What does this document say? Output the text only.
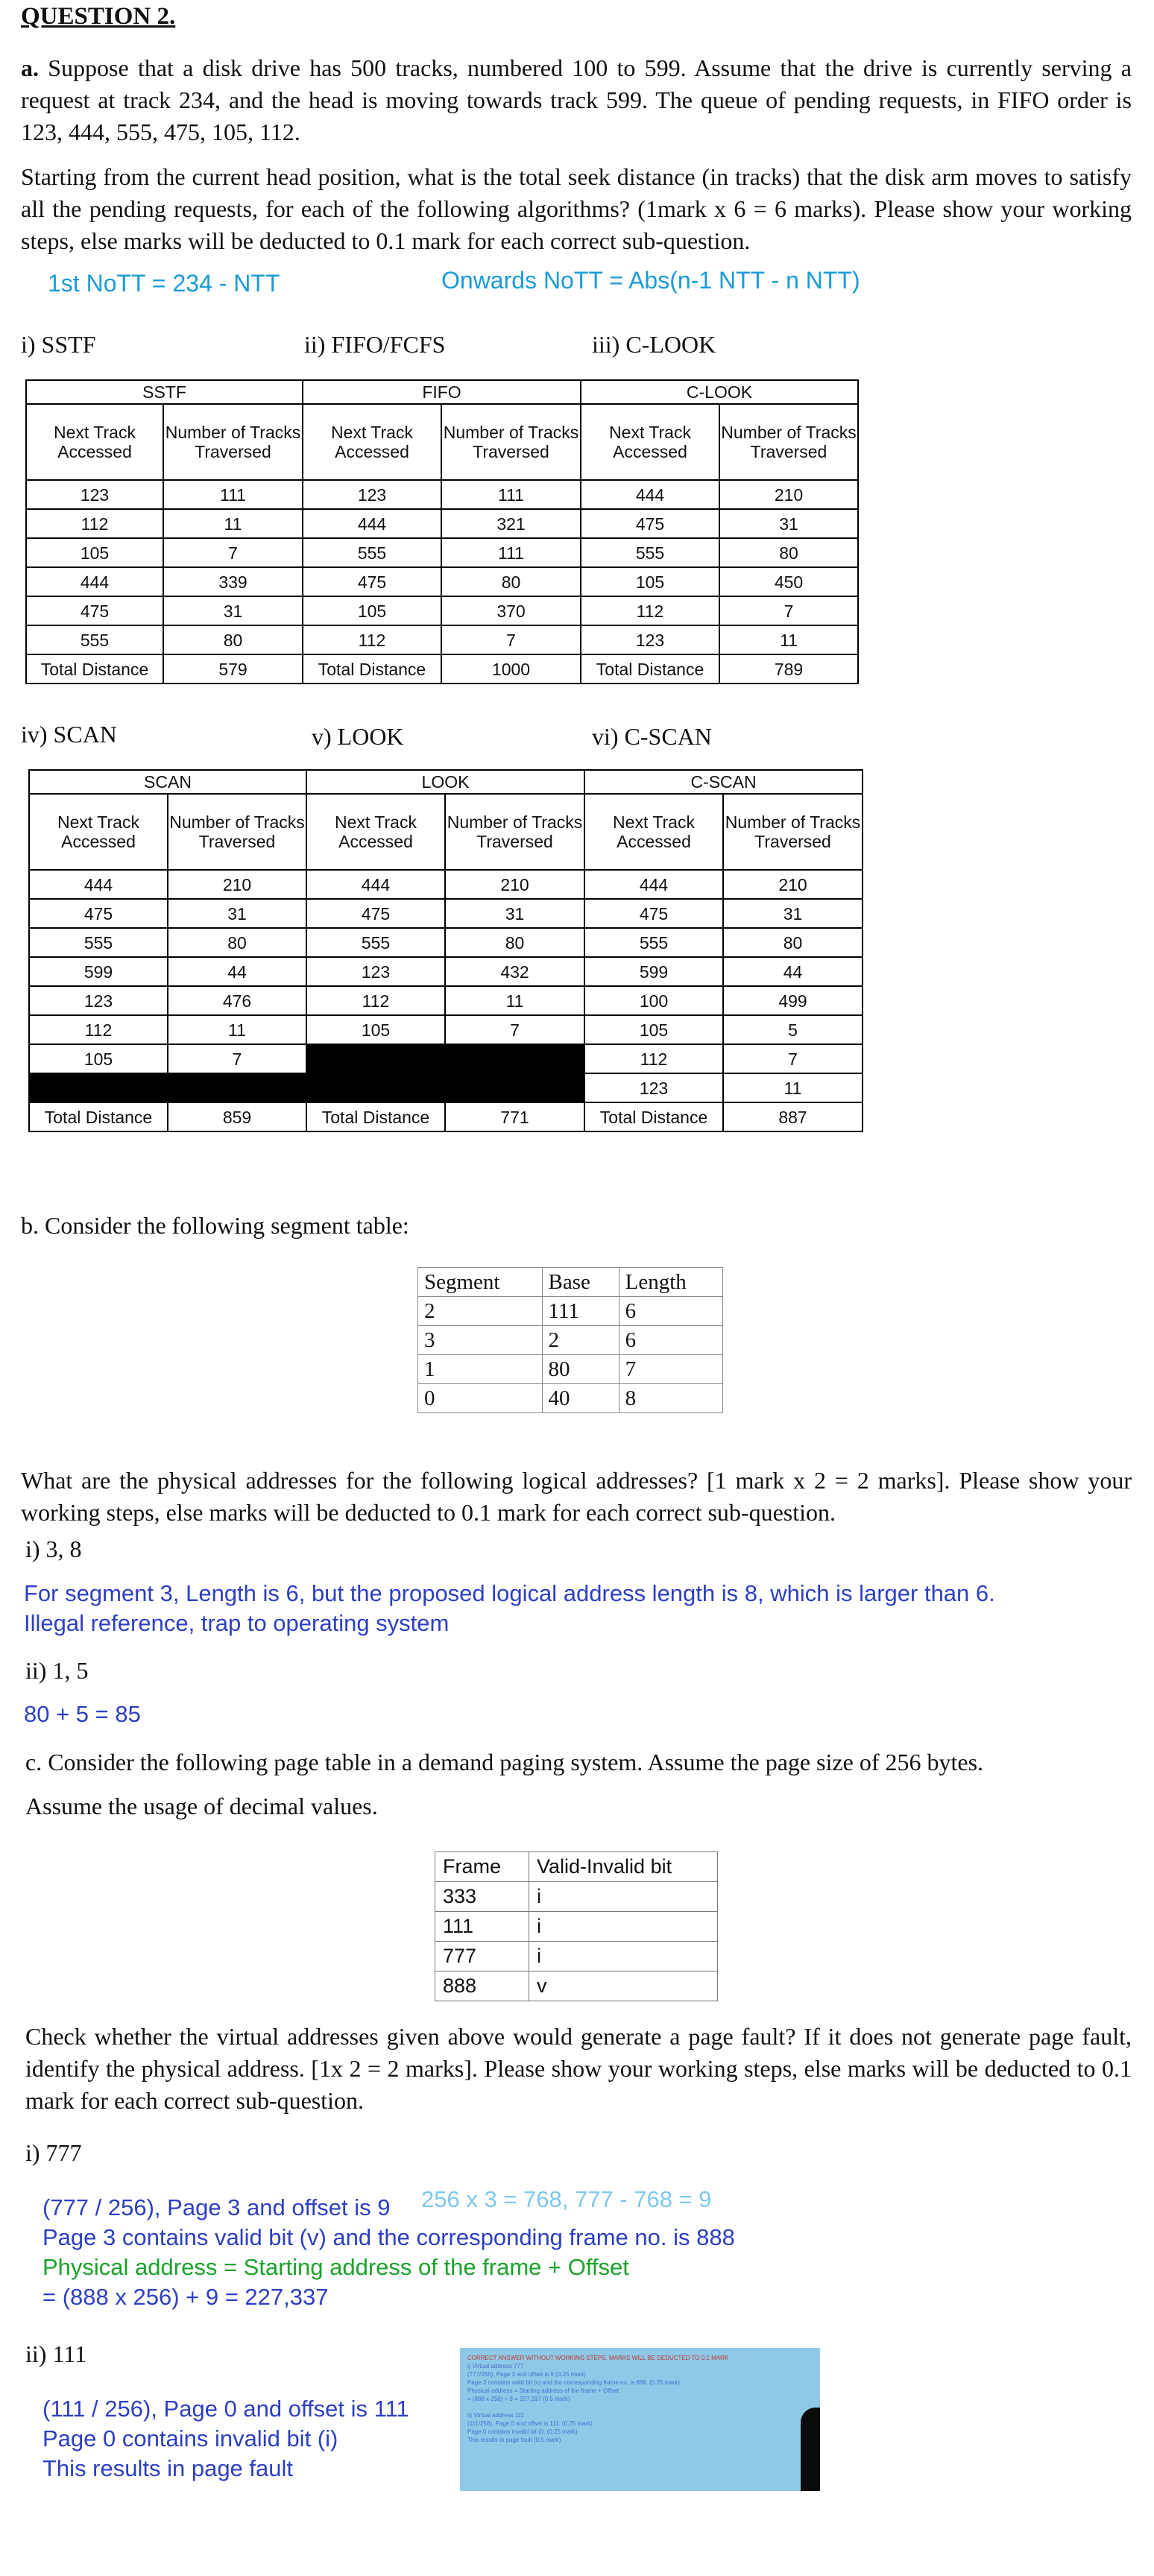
QUESTION 2.
a. Suppose that a disk drive has 500 tracks, numbered 100 to 599. Assume that the drive is currently serving a request at track 234, and the head is moving towards track 599. The queue of pending requests, in FIFO order is 123, 444, 555, 475, 105, 112.
Starting from the current head position, what is the total seek distance (in tracks) that the disk arm moves to satisfy all the pending requests, for each of the following algorithms? (1mark x 6 = 6 marks). Please show your working steps, else marks will be deducted to 0.1 mark for each correct sub-question.
1st NoTT = 234 - NTT	Onwards NoTT = Abs(n-1 NTT - n NTT)
i) SSTF	ii) FIFO/FCFS	iii) C-LOOK
SSTF		FIFO		C-LOOK	
Next Track Accessed	Number of Tracks Traversed	Next Track Accessed	Number of Tracks Traversed	Next Track Accessed	Number of Tracks Traversed
123	111	123	111	444	210
112	11	444	321	475	31
105	7	555	111	555	80
444	339	475	80	105	450
475	31	105	370	112	7
555	80	112	7	123	11
Total Distance	579	Total Distance	1000	Total Distance	789
iv) SCAN	v) LOOK	vi) C-SCAN
SCAN		LOOK		C-SCAN	
Next Track Accessed	Number of Tracks Traversed	Next Track Accessed	Number of Tracks Traversed	Next Track Accessed	Number of Tracks Traversed
444	210	444	210	444	210
475	31	475	31	475	31
555	80	555	80	555	80
599	44	123	432	599	44
123	476	112	11	100	499
112	11	105	7	105	5
105	7			112	7
				123	11
Total Distance	859	Total Distance	771	Total Distance	887
b. Consider the following segment table:
Segment	Base	Length
2	111	6
3	2	6
1	80	7
0	40	8
What are the physical addresses for the following logical addresses? [1 mark x 2 = 2 marks]. Please show your working steps, else marks will be deducted to 0.1 mark for each correct sub-question.
i) 3, 8
For segment 3, Length is 6, but the proposed logical address length is 8, which is larger than 6.
Illegal reference, trap to operating system
ii) 1, 5
80 + 5 = 85
c. Consider the following page table in a demand paging system. Assume the page size of 256 bytes.
Assume the usage of decimal values.
Frame	Valid-Invalid bit
333	i
111	i
777	i
888	v
Check whether the virtual addresses given above would generate a page fault? If it does not generate page fault, identify the physical address. [1x 2 = 2 marks]. Please show your working steps, else marks will be deducted to 0.1 mark for each correct sub-question.
i) 777
(777 / 256), Page 3 and offset is 9 256 x 3 = 768, 777 - 768 = 9
Page 3 contains valid bit (v) and the corresponding frame no. is 888
Physical address = Starting address of the frame + Offset
= (888 x 256) + 9 = 227,337
ii) 111
(111 / 256), Page 0 and offset is 111
Page 0 contains invalid bit (i)
This results in page fault
CORRECT ANSWER WITHOUT WORKING STEPS, MARKS WILL BE DEDUCTED TO 0.1 MARK
i) Virtual address 777
(777/256), Page 3 and offset is 9 (0.25 mark)
Page 3 contains valid bit (v) and the corresponding frame no. is 888. (0.25 mark)
Physical address = Starting address of the frame + Offset
= (888 x 256) + 9 = 227,337 (0.5 mark)
ii) Virtual address 111
(111/256), Page 0 and offset is 111. (0.25 mark)
Page 0 contains invalid bit (i). (0.25 mark)
This results in page fault (0.5 mark)
